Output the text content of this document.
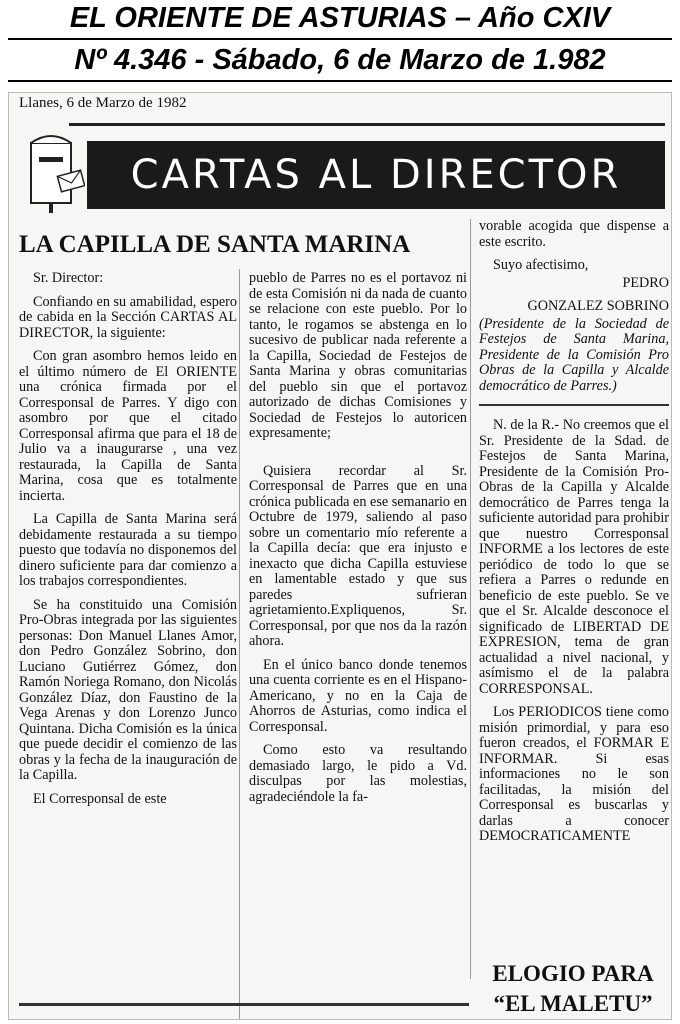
EL ORIENTE DE ASTURIAS – Año CXIV
Nº 4.346 - Sábado, 6 de Marzo de 1.982
Llanes, 6 de Marzo de 1982
CARTAS AL DIRECTOR
LA CAPILLA DE SANTA MARINA

Sr. Director:

Confiando en su amabilidad, espero de cabida en la Sección CARTAS AL DIRECTOR, la siguiente:

Con gran asombro hemos leido en el último número de El ORIENTE una crónica firmada por el Corresponsal de Parres. Y digo con asombro por que el citado Corresponsal afirma que para el 18 de Julio va a inaugurarse , una vez restaurada, la Capilla de Santa Marina, cosa que es totalmente incierta.

La Capilla de Santa Marina será debidamente restaurada a su tiempo puesto que todavía no disponemos del dinero suficiente para dar comienzo a los trabajos correspondientes.

Se ha constituido una Comisión Pro-Obras integrada por las siguientes personas: Don Manuel Llanes Amor, don Pedro González Sobrino, don Luciano Gutiérrez Gómez, don Ramón Noriega Romano, don Nicolás González Díaz, don Faustino de la Vega Arenas y don Lorenzo Junco Quintana. Dicha Comisión es la única que puede decidir el comienzo de las obras y la fecha de la inauguración de la Capilla.

El Corresponsal de este

pueblo de Parres no es el portavoz ni de esta Comisión ni da nada de cuanto se relacione con este pueblo. Por lo tanto, le rogamos se abstenga en lo sucesivo de publicar nada referente a la Capilla, Sociedad de Festejos de Santa Marina y obras comunitarias del pueblo sin que el portavoz autorizado de dichas Comisiones y Sociedad de Festejos lo autoricen expresamente;

Quisiera recordar al Sr. Corresponsal de Parres que en una crónica publicada en ese semanario en Octubre de 1979, saliendo al paso sobre un comentario mío referente a la Capilla decía: que era injusto e inexacto que dicha Capilla estuviese en lamentable estado y que sus paredes sufrieran agrietamiento.Expliquenos, Sr. Corresponsal, por que nos da la razón ahora.

En el único banco donde tenemos una cuenta corriente es en el Hispano-Americano, y no en la Caja de Ahorros de Asturias, como indica el Corresponsal.

Como esto va resultando demasiado largo, le pido a Vd. disculpas por las molestias, agradeciéndole la fa-

vorable acogida que dispense a este escrito.

Suyo afectisimo,

PEDRO

GONZALEZ SOBRINO

(Presidente de la Sociedad de Festejos de Santa Marina, Presidente de la Comisión Pro Obras de la Capilla y Alcalde democrático de Parres.)

N. de la R.- No creemos que el Sr. Presidente de la Sdad. de Festejos de Santa Marina, Presidente de la Comisión Pro-Obras de la Capilla y Alcalde democrático de Parres tenga la suficiente autoridad para prohibir que nuestro Corresponsal INFORME a los lectores de este periódico de todo lo que se refiera a Parres o redunde en beneficio de este pueblo. Se ve que el Sr. Alcalde desconoce el significado de LIBERTAD DE EXPRESION, tema de gran actualidad a nivel nacional, y asímismo el de la palabra CORRESPONSAL.

Los PERIODICOS tiene como misión primordial, y para eso fueron creados, el FORMAR E INFORMAR. Si esas informaciones no le son facilitadas, la misión del Corresponsal es buscarlas y darlas a conocer DEMOCRATICAMENTE

ELOGIO PARA
“EL MALETU”
